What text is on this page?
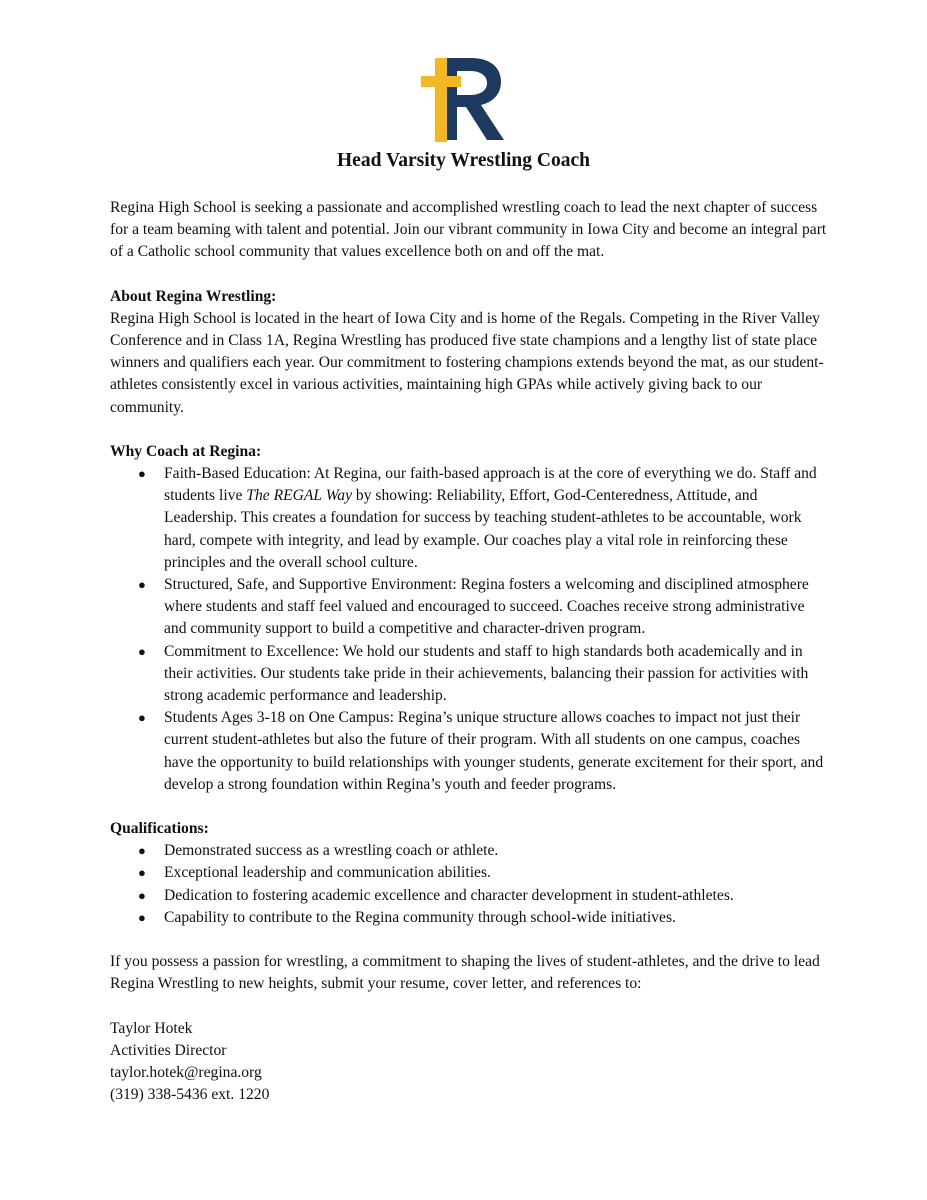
Head Varsity Wrestling Coach

Regina High School is seeking a passionate and accomplished wrestling coach to lead the next chapter of success for a team beaming with talent and potential. Join our vibrant community in Iowa City and become an integral part of a Catholic school community that values excellence both on and off the mat.

About Regina Wrestling:

Regina High School is located in the heart of Iowa City and is home of the Regals. Competing in the River Valley Conference and in Class 1A, Regina Wrestling has produced five state champions and a lengthy list of state place winners and qualifiers each year. Our commitment to fostering champions extends beyond the mat, as our student-athletes consistently excel in various activities, maintaining high GPAs while actively giving back to our community.

Why Coach at Regina:

● Faith-Based Education: At Regina, our faith-based approach is at the core of everything we do. Staff and students live The REGAL Way by showing: Reliability, Effort, God-Centeredness, Attitude, and Leadership. This creates a foundation for success by teaching student-athletes to be accountable, work hard, compete with integrity, and lead by example. Our coaches play a vital role in reinforcing these principles and the overall school culture.
● Structured, Safe, and Supportive Environment: Regina fosters a welcoming and disciplined atmosphere where students and staff feel valued and encouraged to succeed. Coaches receive strong administrative and community support to build a competitive and character-driven program.
● Commitment to Excellence: We hold our students and staff to high standards both academically and in their activities. Our students take pride in their achievements, balancing their passion for activities with strong academic performance and leadership.
● Students Ages 3-18 on One Campus: Regina’s unique structure allows coaches to impact not just their current student-athletes but also the future of their program. With all students on one campus, coaches have the opportunity to build relationships with younger students, generate excitement for their sport, and develop a strong foundation within Regina’s youth and feeder programs.

Qualifications:

● Demonstrated success as a wrestling coach or athlete.
● Exceptional leadership and communication abilities.
● Dedication to fostering academic excellence and character development in student-athletes.
● Capability to contribute to the Regina community through school-wide initiatives.

If you possess a passion for wrestling, a commitment to shaping the lives of student-athletes, and the drive to lead Regina Wrestling to new heights, submit your resume, cover letter, and references to:

Taylor Hotek
Activities Director
taylor.hotek@regina.org
(319) 338-5436 ext. 1220
